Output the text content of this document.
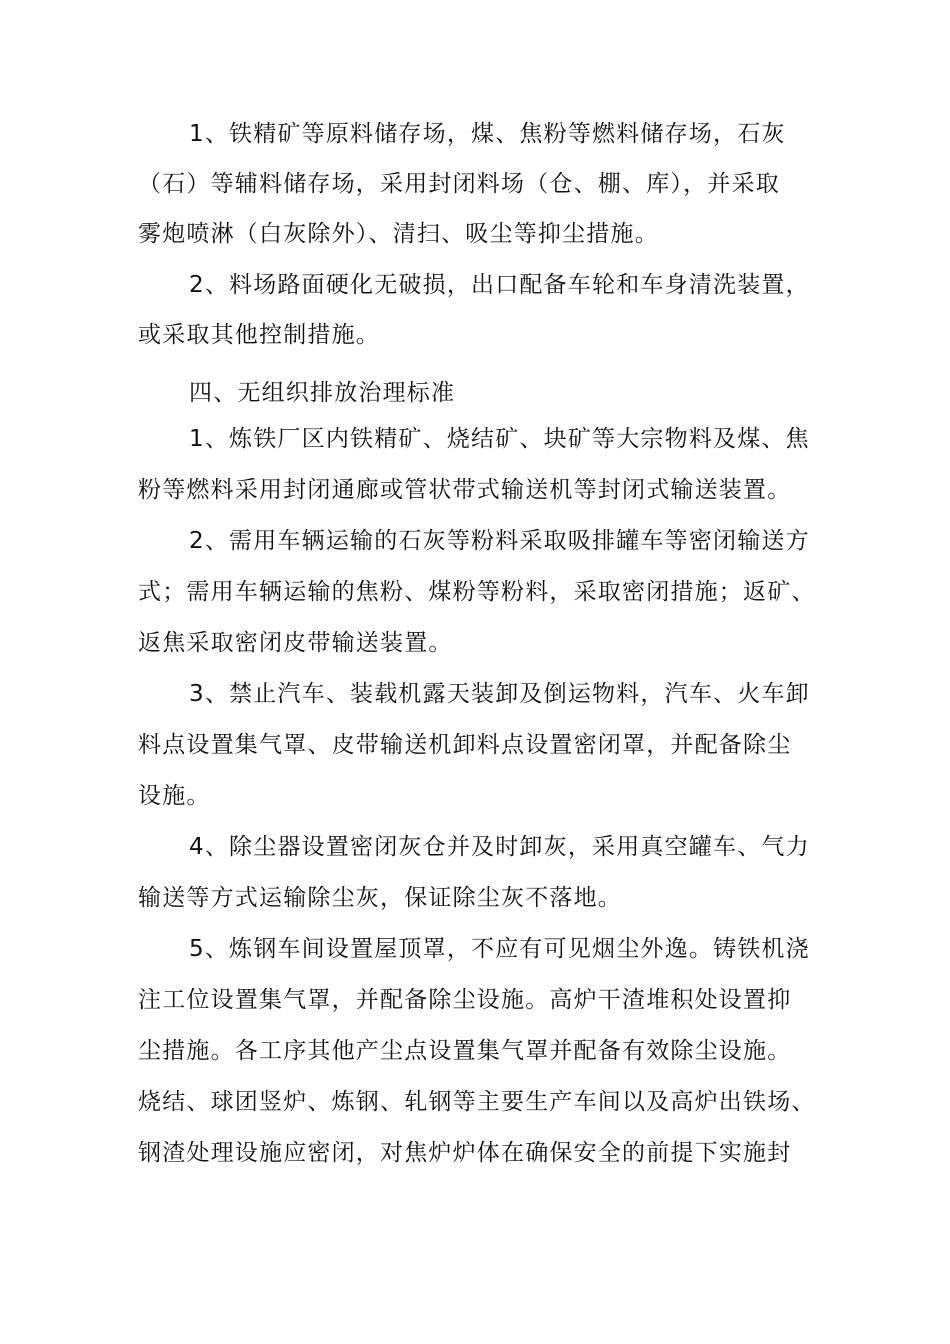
1、铁精矿等原料储存场，煤、焦粉等燃料储存场，石灰
（石）等辅料储存场，采用封闭料场（仓、棚、库），并采取
雾炮喷淋（白灰除外）、清扫、吸尘等抑尘措施。
2、料场路面硬化无破损，出口配备车轮和车身清洗装置，
或采取其他控制措施。
四、无组织排放治理标准
1、炼铁厂区内铁精矿、烧结矿、块矿等大宗物料及煤、焦
粉等燃料采用封闭通廊或管状带式输送机等封闭式输送装置。
2、需用车辆运输的石灰等粉料采取吸排罐车等密闭输送方
式；需用车辆运输的焦粉、煤粉等粉料，采取密闭措施；返矿、
返焦采取密闭皮带输送装置。
3、禁止汽车、装载机露天装卸及倒运物料，汽车、火车卸
料点设置集气罩、皮带输送机卸料点设置密闭罩，并配备除尘
设施。
4、除尘器设置密闭灰仓并及时卸灰，采用真空罐车、气力
输送等方式运输除尘灰，保证除尘灰不落地。
5、炼钢车间设置屋顶罩，不应有可见烟尘外逸。铸铁机浇
注工位设置集气罩，并配备除尘设施。高炉干渣堆积处设置抑
尘措施。各工序其他产尘点设置集气罩并配备有效除尘设施。
烧结、球团竖炉、炼钢、轧钢等主要生产车间以及高炉出铁场、
钢渣处理设施应密闭，对焦炉炉体在确保安全的前提下实施封
